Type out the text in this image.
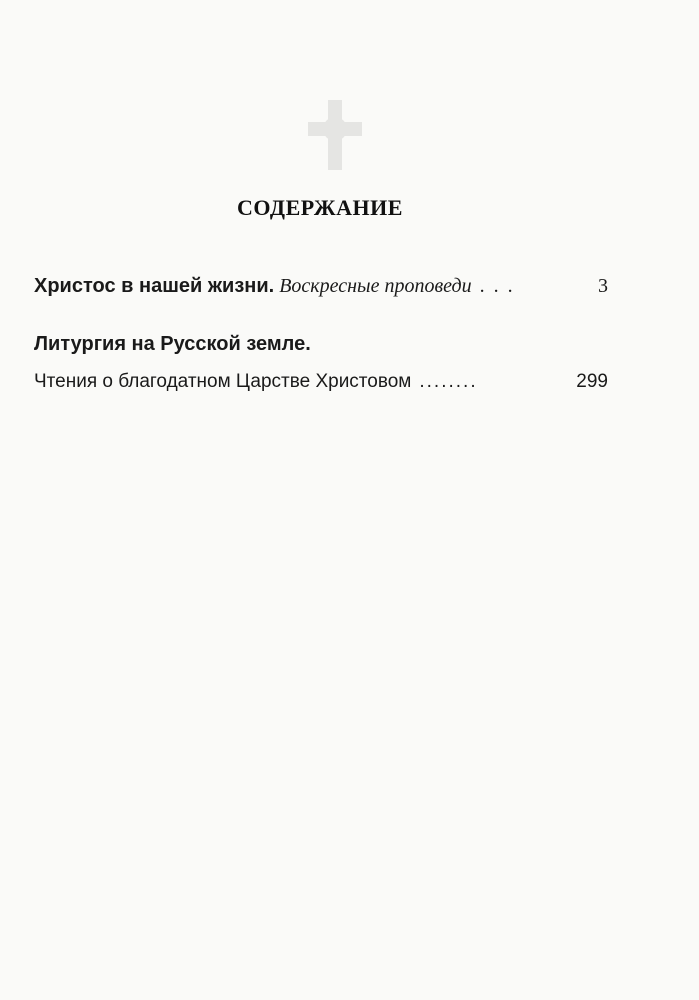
СОДЕРЖАНИЕ
Христос в нашей жизни. Воскресные проповеди . . .	3
Литургия на Русской земле.
Чтения о благодатном Царстве Христовом ........	299
